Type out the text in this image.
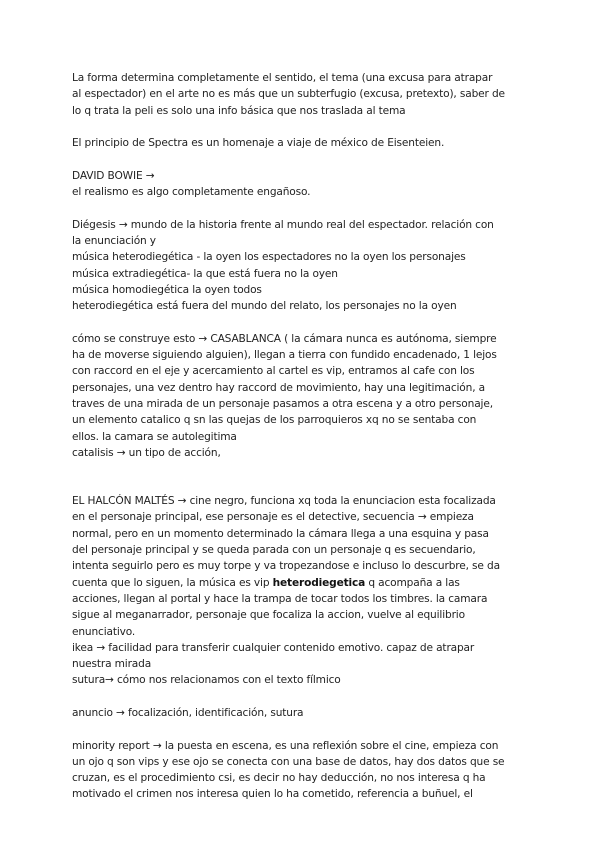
La forma determina completamente el sentido, el tema (una excusa para atrapar
al espectador) en el arte no es más que un subterfugio (excusa, pretexto), saber de
lo q trata la peli es solo una info básica que nos traslada al tema
El principio de Spectra es un homenaje a viaje de méxico de Eisenteien.
DAVID BOWIE →
el realismo es algo completamente engañoso.
Diégesis → mundo de la historia frente al mundo real del espectador. relación con
la enunciación y
música heterodiegética - la oyen los espectadores no la oyen los personajes
música extradiegética- la que está fuera no la oyen
música homodiegética la oyen todos
heterodiegética está fuera del mundo del relato, los personajes no la oyen
cómo se construye esto → CASABLANCA ( la cámara nunca es autónoma, siempre
ha de moverse siguiendo alguien), llegan a tierra con fundido encadenado, 1 lejos
con raccord en el eje y acercamiento al cartel es vip, entramos al cafe con los
personajes, una vez dentro hay raccord de movimiento, hay una legitimación, a
traves de una mirada de un personaje pasamos a otra escena y a otro personaje,
un elemento catalico q sn las quejas de los parroquieros xq no se sentaba con
ellos. la camara se autolegitima
catalisis → un tipo de acción,
EL HALCÓN MALTÉS → cine negro, funciona xq toda la enunciacion esta focalizada
en el personaje principal, ese personaje es el detective, secuencia → empieza
normal, pero en un momento determinado la cámara llega a una esquina y pasa
del personaje principal y se queda parada con un personaje q es secuendario,
intenta seguirlo pero es muy torpe y va tropezandose e incluso lo descurbre, se da
cuenta que lo siguen, la música es vip heterodiegetica q acompaña a las
acciones, llegan al portal y hace la trampa de tocar todos los timbres. la camara
sigue al meganarrador, personaje que focaliza la accion, vuelve al equilibrio
enunciativo.
ikea → facilidad para transferir cualquier contenido emotivo. capaz de atrapar
nuestra mirada
sutura→ cómo nos relacionamos con el texto fílmico
anuncio → focalización, identificación, sutura
minority report → la puesta en escena, es una reflexión sobre el cine, empieza con
un ojo q son vips y ese ojo se conecta con una base de datos, hay dos datos que se
cruzan, es el procedimiento csi, es decir no hay deducción, no nos interesa q ha
motivado el crimen nos interesa quien lo ha cometido, referencia a buñuel, el
